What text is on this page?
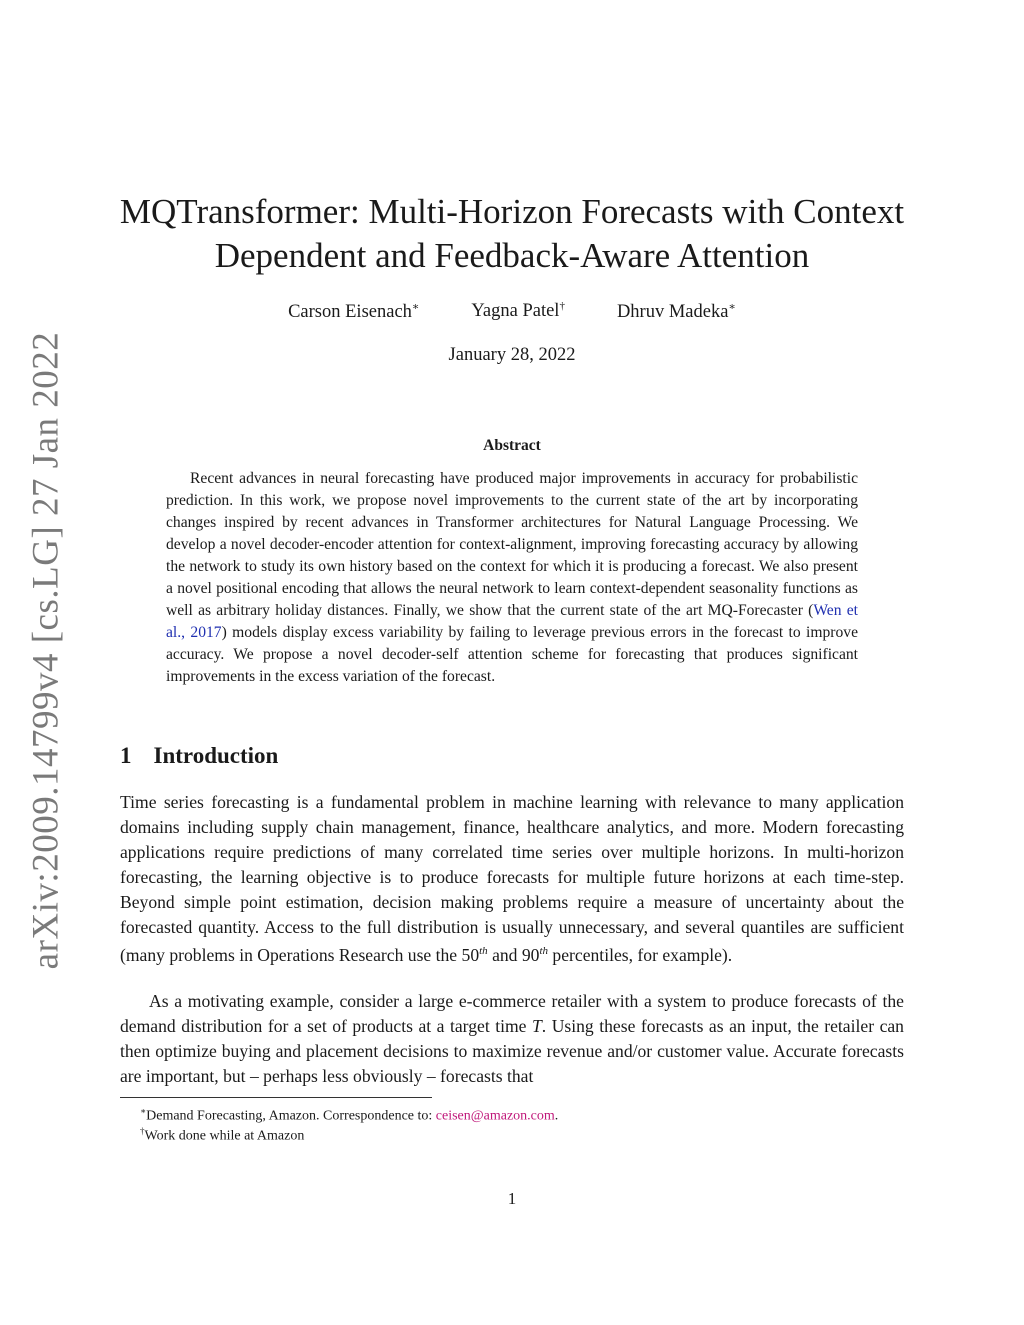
arXiv:2009.14799v4 [cs.LG] 27 Jan 2022
MQTransformer: Multi-Horizon Forecasts with Context
Dependent and Feedback-Aware Attention
Carson Eisenach∗	Yagna Patel†	Dhruv Madeka∗
January 28, 2022
Abstract

Recent advances in neural forecasting have produced major improvements in accuracy for probabilistic prediction. In this work, we propose novel improvements to the current state of the art by incorporating changes inspired by recent advances in Transformer architectures for Natural Language Processing. We develop a novel decoder-encoder attention for context-alignment, improving forecasting accuracy by allowing the network to study its own history based on the context for which it is producing a forecast. We also present a novel positional encoding that allows the neural network to learn context-dependent seasonality functions as well as arbitrary holiday distances. Finally, we show that the current state of the art MQ-Forecaster (Wen et al., 2017) models display excess variability by failing to leverage previous errors in the forecast to improve accuracy. We propose a novel decoder-self attention scheme for forecasting that produces significant improvements in the excess variation of the forecast.

1 Introduction

Time series forecasting is a fundamental problem in machine learning with relevance to many application domains including supply chain management, finance, healthcare analytics, and more. Modern forecasting applications require predictions of many correlated time series over multiple horizons. In multi-horizon forecasting, the learning objective is to produce forecasts for multiple future horizons at each time-step. Beyond simple point estimation, decision making problems require a measure of uncertainty about the forecasted quantity. Access to the full distribution is usually unnecessary, and several quantiles are sufficient (many problems in Operations Research use the 50th and 90th percentiles, for example).

As a motivating example, consider a large e-commerce retailer with a system to produce forecasts of the demand distribution for a set of products at a target time T. Using these forecasts as an input, the retailer can then optimize buying and placement decisions to maximize revenue and/or customer value. Accurate forecasts are important, but – perhaps less obviously – forecasts that

∗Demand Forecasting, Amazon. Correspondence to: ceisen@amazon.com.
†Work done while at Amazon
1
